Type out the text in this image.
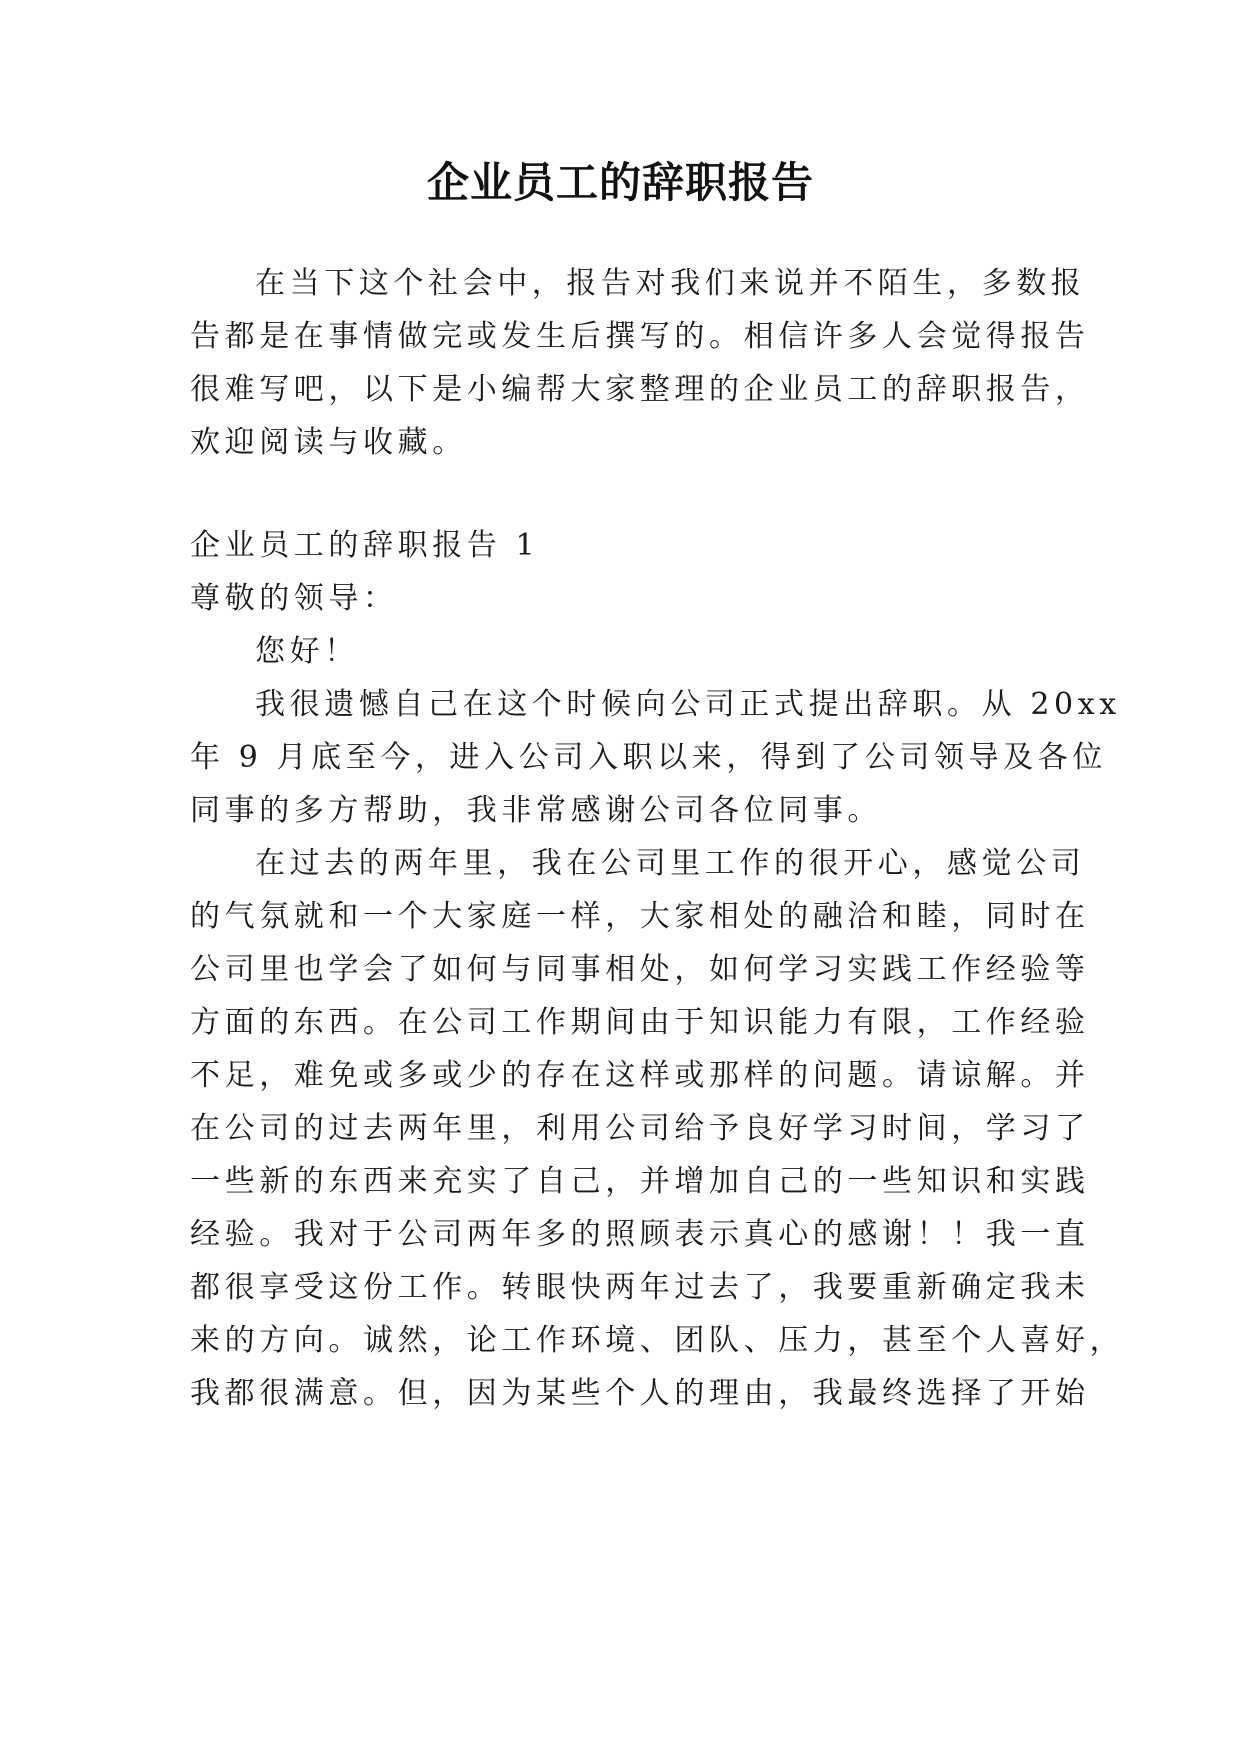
企业员工的辞职报告
在当下这个社会中，报告对我们来说并不陌生，多数报
告都是在事情做完或发生后撰写的。相信许多人会觉得报告
很难写吧，以下是小编帮大家整理的企业员工的辞职报告，
欢迎阅读与收藏。
企业员工的辞职报告 1
尊敬的领导：
您好！
我很遗憾自己在这个时候向公司正式提出辞职。从 20xx
年 9 月底至今，进入公司入职以来，得到了公司领导及各位
同事的多方帮助，我非常感谢公司各位同事。
在过去的两年里，我在公司里工作的很开心，感觉公司
的气氛就和一个大家庭一样，大家相处的融洽和睦，同时在
公司里也学会了如何与同事相处，如何学习实践工作经验等
方面的东西。在公司工作期间由于知识能力有限，工作经验
不足，难免或多或少的存在这样或那样的问题。请谅解。并
在公司的过去两年里，利用公司给予良好学习时间，学习了
一些新的东西来充实了自己，并增加自己的一些知识和实践
经验。我对于公司两年多的照顾表示真心的感谢！！我一直
都很享受这份工作。转眼快两年过去了，我要重新确定我未
来的方向。诚然，论工作环境、团队、压力，甚至个人喜好，
我都很满意。但，因为某些个人的理由，我最终选择了开始
